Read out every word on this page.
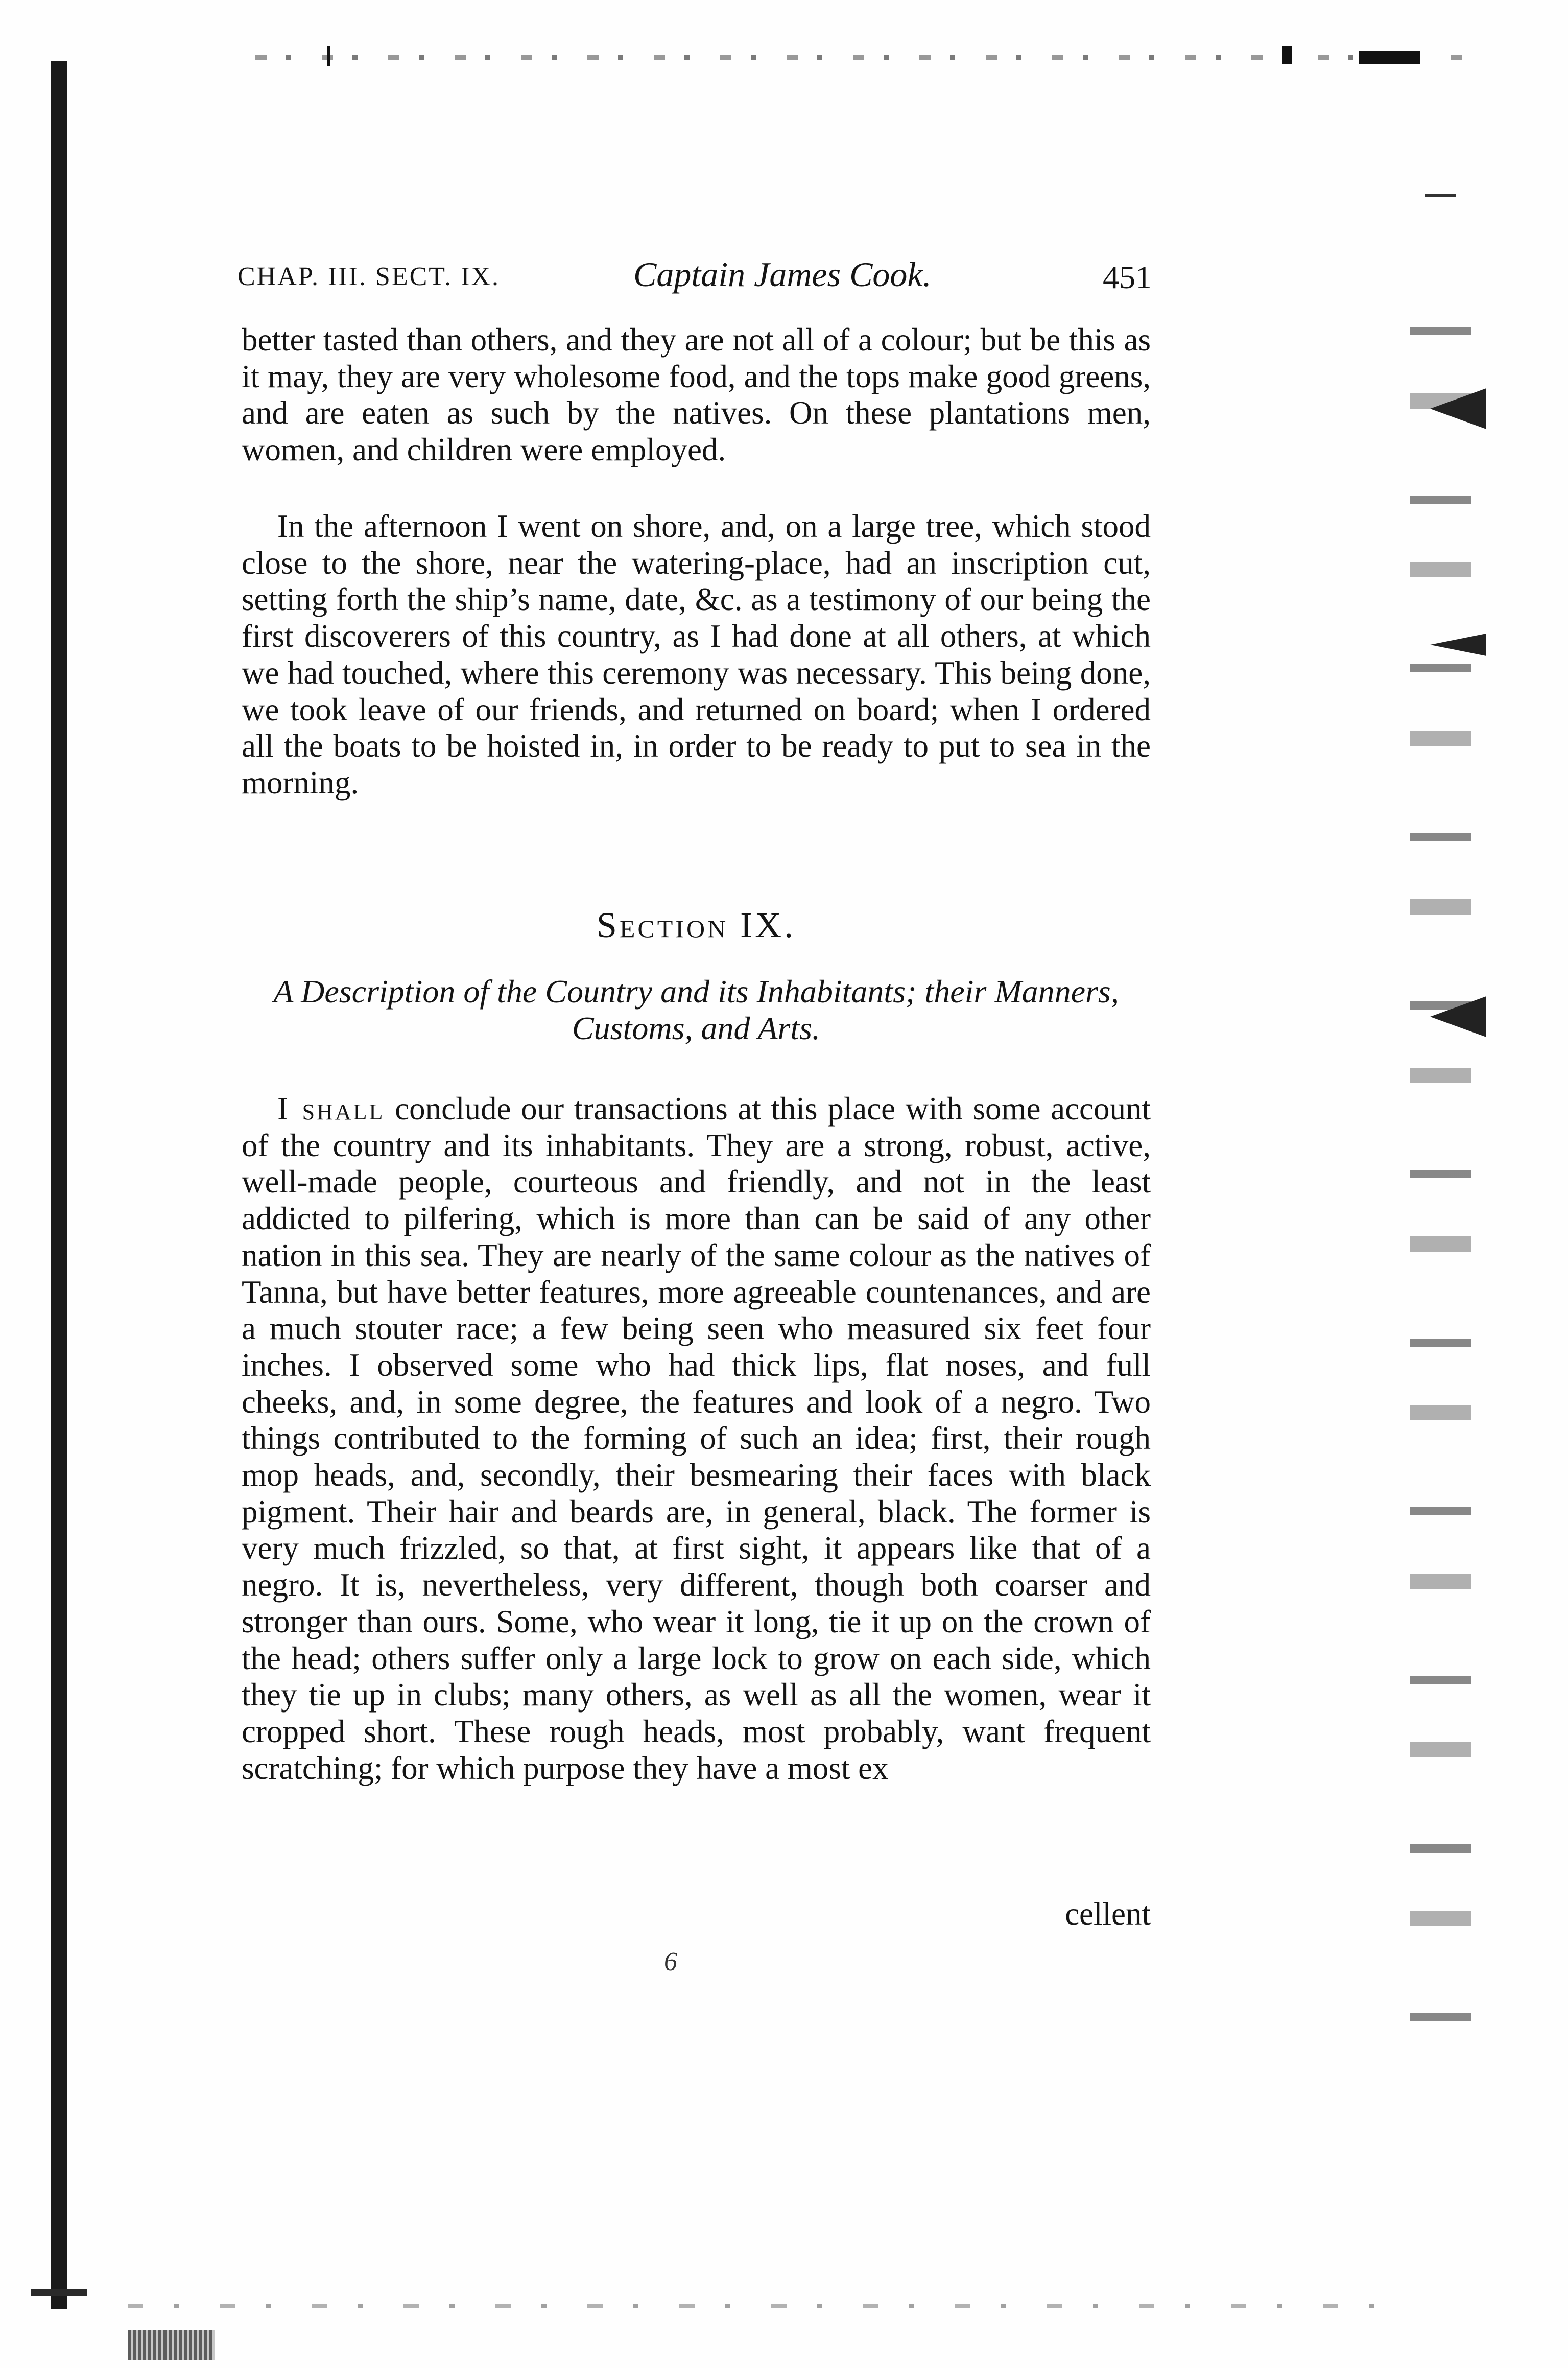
CHAP. III. SECT. IX.	Captain James Cook.	451

better tasted than others, and they are not all of a colour; but be this as it may, they are very wholesome food, and the tops make good greens, and are eaten as such by the natives. On these plantations men, women, and children were employed.

In the afternoon I went on shore, and, on a large tree, which stood close to the shore, near the watering-place, had an inscription cut, setting forth the ship’s name, date, &c. as a testimony of our being the first discoverers of this country, as I had done at all others, at which we had touched, where this ceremony was necessary. This being done, we took leave of our friends, and returned on board; when I ordered all the boats to be hoisted in, in order to be ready to put to sea in the morning.

Section IX.
A Description of the Country and its Inhabitants; their Manners, Customs, and Arts.

I shall conclude our transactions at this place with some account of the country and its inhabitants. They are a strong, robust, active, well-made people, courteous and friendly, and not in the least addicted to pilfering, which is more than can be said of any other nation in this sea. They are nearly of the same colour as the natives of Tanna, but have better features, more agreeable countenances, and are a much stouter race; a few being seen who measured six feet four inches. I observed some who had thick lips, flat noses, and full cheeks, and, in some degree, the features and look of a negro. Two things contributed to the forming of such an idea; first, their rough mop heads, and, secondly, their besmearing their faces with black pigment. Their hair and beards are, in general, black. The former is very much frizzled, so that, at first sight, it appears like that of a negro. It is, nevertheless, very different, though both coarser and stronger than ours. Some, who wear it long, tie it up on the crown of the head; others suffer only a large lock to grow on each side, which they tie up in clubs; many others, as well as all the women, wear it cropped short. These rough heads, most probably, want frequent scratching; for which purpose they have a most ex

cellent
6
